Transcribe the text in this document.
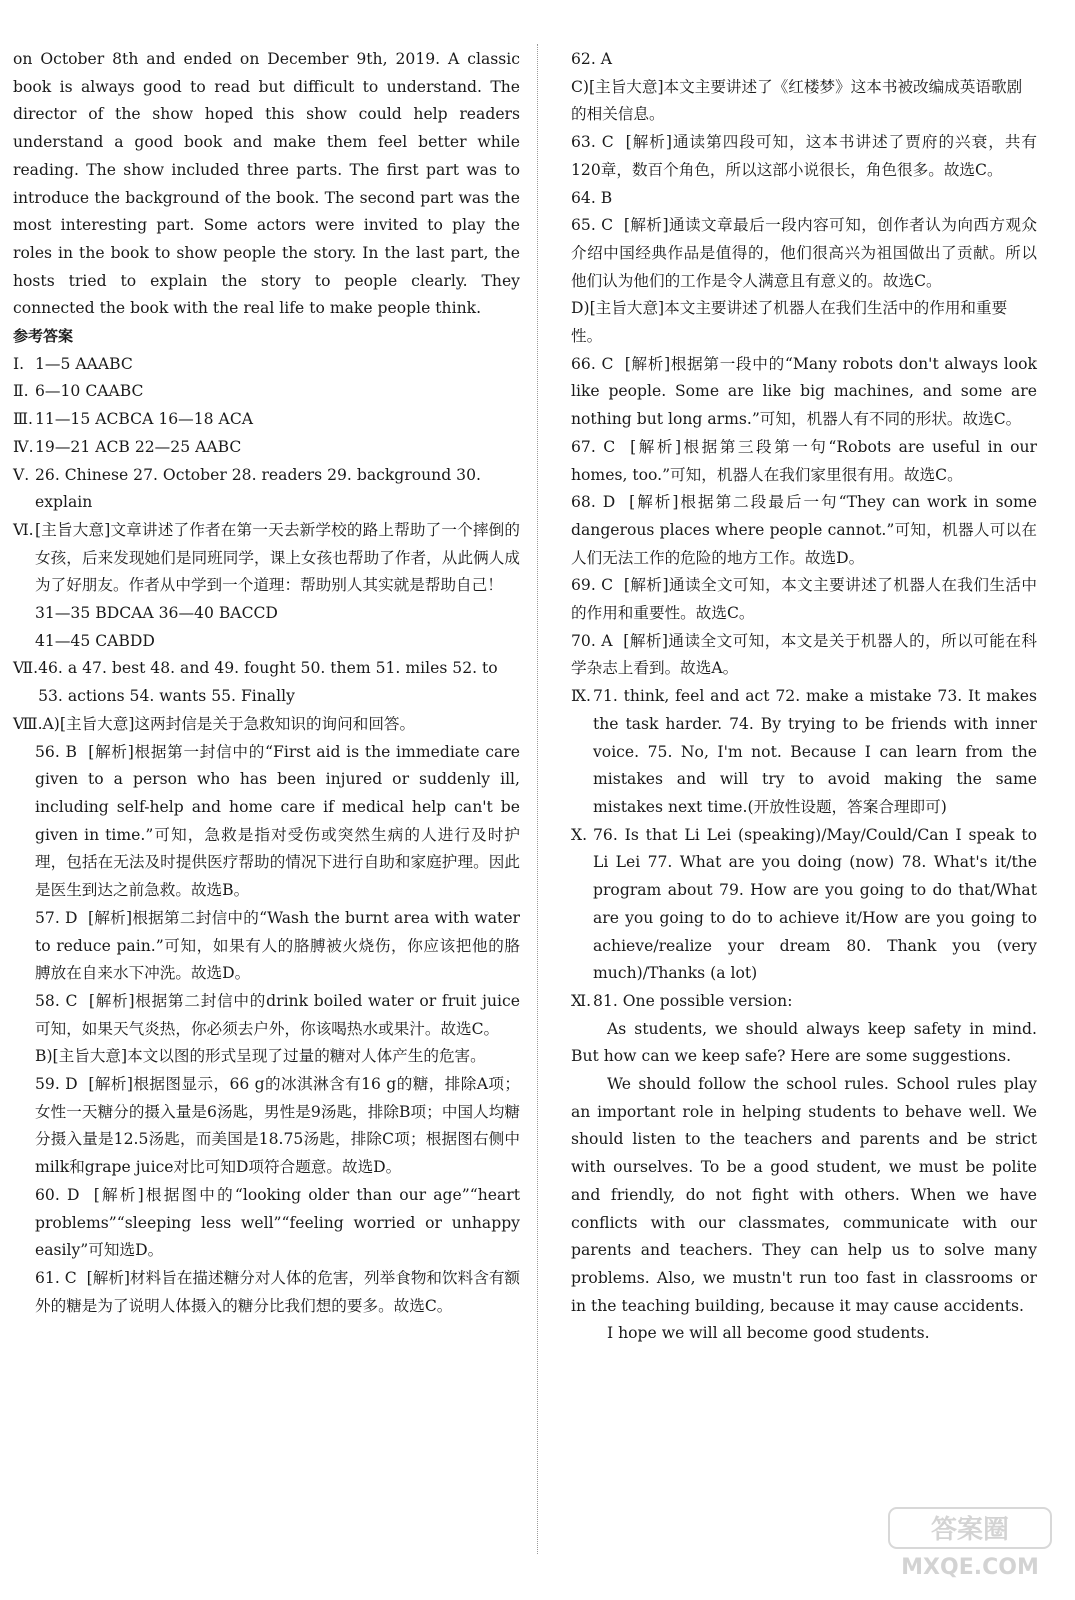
on October 8th and ended on December 9th, 2019. A classic book is always good to read but difficult to understand. The director of the show hoped this show could help readers understand a good book and make them feel better while reading. The show included three parts. The first part was to introduce the background of the book. The second part was the most interesting part. Some actors were invited to play the roles in the book to show people the story. In the last part, the hosts tried to explain the story to people clearly. They connected the book with the real life to make people think.

参考答案
Ⅰ. 1—5 AAABC
Ⅱ. 6—10 CAABC
Ⅲ. 11—15 ACBCA 16—18 ACA
Ⅳ. 19—21 ACB 22—25 AABC
Ⅴ. 26. Chinese 27. October 28. readers 29. background 30. explain
Ⅵ. [主旨大意]文章讲述了作者在第一天去新学校的路上帮助了一个摔倒的女孩，后来发现她们是同班同学，课上女孩也帮助了作者，从此俩人成为了好朋友。作者从中学到一个道理：帮助别人其实就是帮助自己！
31—35 BDCAA 36—40 BACCD
41—45 CABDD
Ⅶ. 46. a 47. best 48. and 49. fought 50. them 51. miles 52. to 53. actions 54. wants 55. Finally
Ⅷ. A)[主旨大意]这两封信是关于急救知识的询问和回答。
56. B [解析]根据第一封信中的“First aid is the immediate care given to a person who has been injured or suddenly ill, including self-help and home care if medical help can't be given in time.”可知，急救是指对受伤或突然生病的人进行及时护理，包括在无法及时提供医疗帮助的情况下进行自助和家庭护理。因此是医生到达之前急救。故选B。
57. D [解析]根据第二封信中的“Wash the burnt area with water to reduce pain.”可知，如果有人的胳膊被火烧伤，你应该把他的胳膊放在自来水下冲洗。故选D。
58. C [解析]根据第二封信中的drink boiled water or fruit juice可知，如果天气炎热，你必须去户外，你该喝热水或果汁。故选C。
B)[主旨大意]本文以图的形式呈现了过量的糖对人体产生的危害。
59. D [解析]根据图显示，66 g的冰淇淋含有16 g的糖，排除A项；女性一天糖分的摄入量是6汤匙，男性是9汤匙，排除B项；中国人均糖分摄入量是12.5汤匙，而美国是18.75汤匙，排除C项；根据图右侧中milk和grape juice对比可知D项符合题意。故选D。
60. D [解析]根据图中的“looking older than our age”“heart problems”“sleeping less well”“feeling worried or unhappy easily”可知选D。
61. C [解析]材料旨在描述糖分对人体的危害，列举食物和饮料含有额外的糖是为了说明人体摄入的糖分比我们想的要多。故选C。
62. A
C)[主旨大意]本文主要讲述了《红楼梦》这本书被改编成英语歌剧的相关信息。
63. C [解析]通读第四段可知，这本书讲述了贾府的兴衰，共有120章，数百个角色，所以这部小说很长，角色很多。故选C。
64. B
65. C [解析]通读文章最后一段内容可知，创作者认为向西方观众介绍中国经典作品是值得的，他们很高兴为祖国做出了贡献。所以他们认为他们的工作是令人满意且有意义的。故选C。
D)[主旨大意]本文主要讲述了机器人在我们生活中的作用和重要性。
66. C [解析]根据第一段中的“Many robots don't always look like people. Some are like big machines, and some are nothing but long arms.”可知，机器人有不同的形状。故选C。
67. C [解析]根据第三段第一句“Robots are useful in our homes, too.”可知，机器人在我们家里很有用。故选C。
68. D [解析]根据第二段最后一句“They can work in some dangerous places where people cannot.”可知，机器人可以在人们无法工作的危险的地方工作。故选D。
69. C [解析]通读全文可知，本文主要讲述了机器人在我们生活中的作用和重要性。故选C。
70. A [解析]通读全文可知，本文是关于机器人的，所以可能在科学杂志上看到。故选A。
Ⅸ. 71. think, feel and act 72. make a mistake 73. It makes the task harder. 74. By trying to be friends with inner voice. 75. No, I'm not. Because I can learn from the mistakes and will try to avoid making the same mistakes next time.(开放性设题，答案合理即可)
Ⅹ. 76. Is that Li Lei (speaking)/May/Could/Can I speak to Li Lei 77. What are you doing (now) 78. What's it/the program about 79. How are you going to do that/What are you going to do to achieve it/How are you going to achieve/realize your dream 80. Thank you (very much)/Thanks (a lot)
Ⅺ. 81. One possible version:

As students, we should always keep safety in mind. But how can we keep safe? Here are some suggestions.

We should follow the school rules. School rules play an important role in helping students to behave well. We should listen to the teachers and parents and be strict with ourselves. To be a good student, we must be polite and friendly, do not fight with others. When we have conflicts with our classmates, communicate with our parents and teachers. They can help us to solve many problems. Also, we mustn't run too fast in classrooms or in the teaching building, because it may cause accidents.

I hope we will all become good students.

答案圈
MXQE.COM
